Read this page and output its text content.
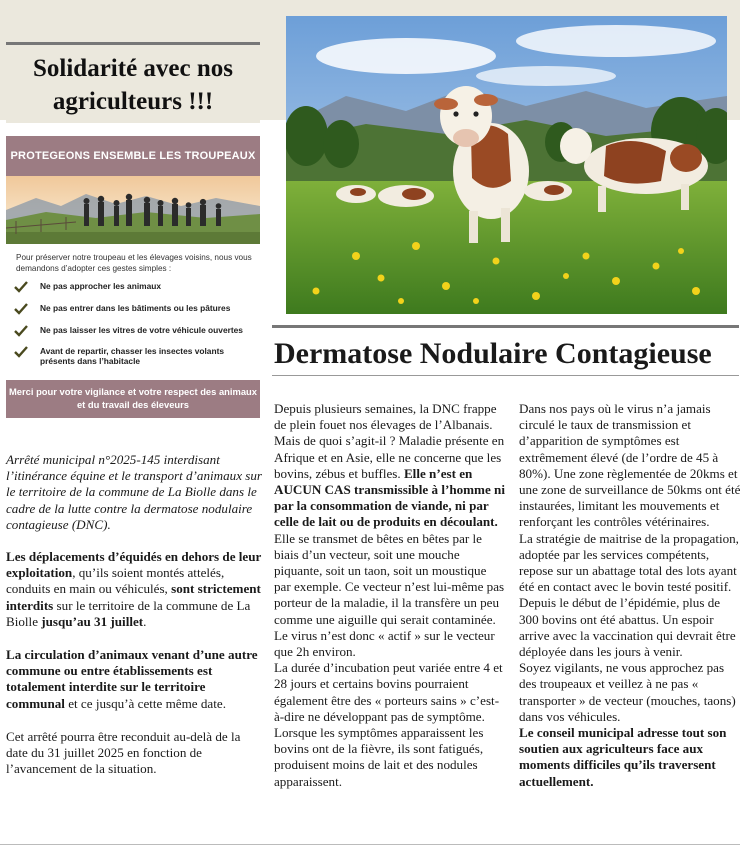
Solidarité avec nos agriculteurs !!!
PROTEGEONS ENSEMBLE LES TROUPEAUX
Pour préserver notre troupeau et les élevages voisins, nous vous demandons d’adopter ces gestes simples :
Ne pas approcher les animaux
Ne pas entrer dans les bâtiments ou les pâtures
Ne pas laisser les vitres de votre véhicule ouvertes
Avant de repartir, chasser les insectes volants présents dans l’habitacle
Merci pour votre vigilance et votre respect des animaux et du travail des éleveurs

Arrêté municipal n°2025-145 interdisant l’itinérance équine et le transport d’animaux sur le territoire de la commune de La Biolle dans le cadre de la lutte contre la dermatose nodulaire contagieuse (DNC).

Les déplacements d’équidés en dehors de leur exploitation, qu’ils soient montés attelés, conduits en main ou véhiculés, sont strictement interdits sur le territoire de la commune de La Biolle jusqu’au 31 juillet.

La circulation d’animaux venant d’une autre commune ou entre établissements est totalement interdite sur le territoire communal et ce jusqu’à cette même date.

Cet arrêté pourra être reconduit au-delà de la date du 31 juillet 2025 en fonction de l’avancement de la situation.

Dermatose Nodulaire Contagieuse
Depuis plusieurs semaines, la DNC frappe de plein fouet nos élevages de l’Albanais. Mais de quoi s’agit-il ? Maladie présente en Afrique et en Asie, elle ne concerne que les bovins, zébus et buffles. Elle n’est en AUCUN CAS transmissible à l’homme ni par la consommation de viande, ni par celle de lait ou de produits en découlant.
Elle se transmet de bêtes en bêtes par le biais d’un vecteur, soit une mouche piquante, soit un taon, soit un moustique par exemple. Ce vecteur n’est lui-même pas porteur de la maladie, il la transfère un peu comme une aiguille qui serait contaminée. Le virus n’est donc « actif » sur le vecteur que 2h environ.
La durée d’incubation peut variée entre 4 et 28 jours et certains bovins pourraient également être des « porteurs sains » c’est-à-dire ne développant pas de symptôme. Lorsque les symptômes apparaissent les bovins ont de la fièvre, ils sont fatigués, produisent moins de lait et des nodules apparaissent.
Dans nos pays où le virus n’a jamais circulé le taux de transmission et d’apparition de symptômes est extrêmement élevé (de l’ordre de 45 à 80%). Une zone règlementée de 20kms et une zone de surveillance de 50kms ont été instaurées, limitant les mouvements et renforçant les contrôles vétérinaires.
La stratégie de maitrise de la propagation, adoptée par les services compétents, repose sur un abattage total des lots ayant été en contact avec le bovin testé positif. Depuis le début de l’épidémie, plus de 300 bovins ont été abattus. Un espoir arrive avec la vaccination qui devrait être déployée dans les jours à venir.
Soyez vigilants, ne vous approchez pas des troupeaux et veillez à ne pas « transporter » de vecteur (mouches, taons) dans vos véhicules.
Le conseil municipal adresse tout son soutien aux agriculteurs face aux moments difficiles qu’ils traversent actuellement.
